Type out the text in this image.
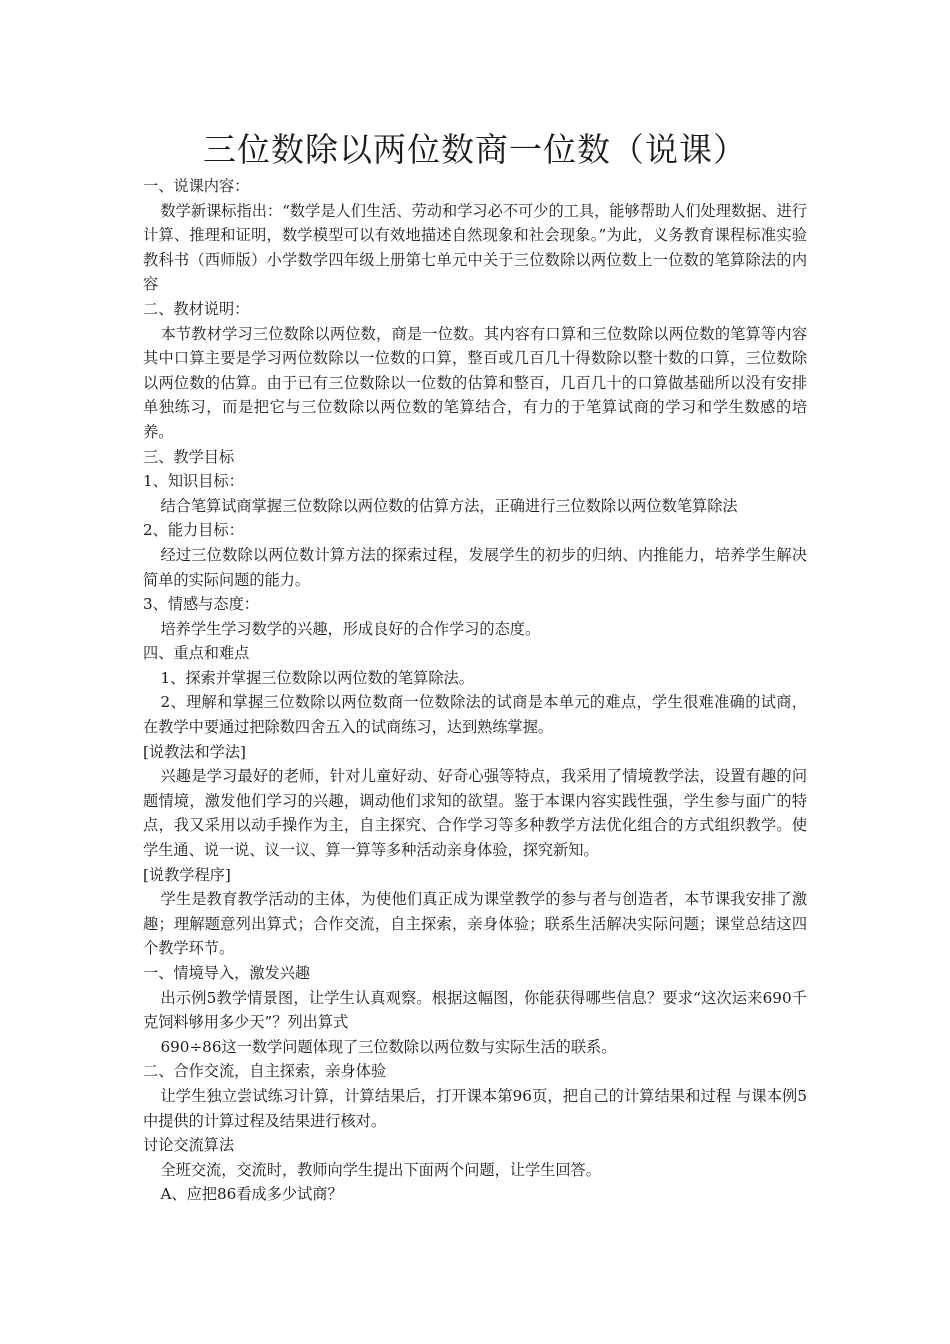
三位数除以两位数商一位数（说课）

一、说课内容：

数学新课标指出：“数学是人们生活、劳动和学习必不可少的工具，能够帮助人们处理数据、进行计算、推理和证明，数学模型可以有效地描述自然现象和社会现象。”为此，义务教育课程标准实验教科书（西师版）小学数学四年级上册第七单元中关于三位数除以两位数上一位数的笔算除法的内容

二、教材说明：

本节教材学习三位数除以两位数，商是一位数。其内容有口算和三位数除以两位数的笔算等内容其中口算主要是学习两位数除以一位数的口算，整百或几百几十得数除以整十数的口算，三位数除以两位数的估算。由于已有三位数除以一位数的估算和整百，几百几十的口算做基础所以没有安排单独练习，而是把它与三位数除以两位数的笔算结合，有力的于笔算试商的学习和学生数感的培养。

三、教学目标

1、知识目标：

结合笔算试商掌握三位数除以两位数的估算方法，正确进行三位数除以两位数笔算除法

2、能力目标：

经过三位数除以两位数计算方法的探索过程，发展学生的初步的归纳、内推能力，培养学生解决简单的实际问题的能力。

3、情感与态度：

培养学生学习数学的兴趣，形成良好的合作学习的态度。

四、重点和难点

1、探索并掌握三位数除以两位数的笔算除法。

2、理解和掌握三位数除以两位数商一位数除法的试商是本单元的难点，学生很难准确的试商，在教学中要通过把除数四舍五入的试商练习，达到熟练掌握。

[说教法和学法]

兴趣是学习最好的老师，针对儿童好动、好奇心强等特点，我采用了情境教学法，设置有趣的问题情境，激发他们学习的兴趣，调动他们求知的欲望。鉴于本课内容实践性强，学生参与面广的特点，我又采用以动手操作为主，自主探究、合作学习等多种教学方法优化组合的方式组织教学。使学生通、说一说、议一议、算一算等多种活动亲身体验，探究新知。

[说教学程序]

学生是教育教学活动的主体，为使他们真正成为课堂教学的参与者与创造者，本节课我安排了激趣；理解题意列出算式；合作交流，自主探索，亲身体验；联系生活解决实际问题；课堂总结这四个教学环节。

一、情境导入，激发兴趣

出示例5教学情景图，让学生认真观察。根据这幅图，你能获得哪些信息？要求“这次运来690千克饲料够用多少天”？列出算式

690÷86这一数学问题体现了三位数除以两位数与实际生活的联系。

二、合作交流，自主探索，亲身体验

让学生独立尝试练习计算，计算结果后，打开课本第96页，把自己的计算结果和过程 与课本例5中提供的计算过程及结果进行核对。

讨论交流算法

全班交流，交流时，教师向学生提出下面两个问题，让学生回答。

A、应把86看成多少试商？
